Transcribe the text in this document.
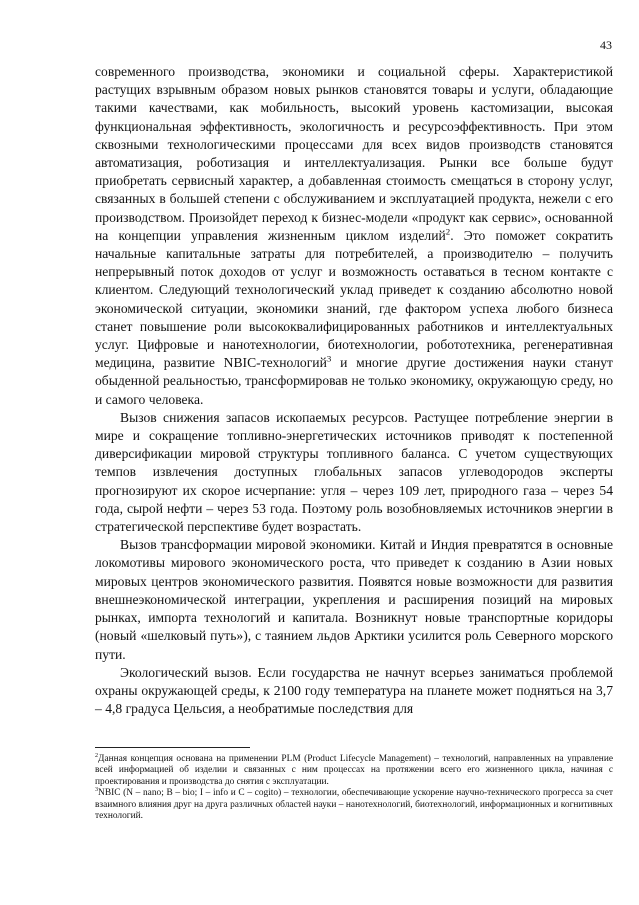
43

современного производства, экономики и социальной сферы. Характеристикой растущих взрывным образом новых рынков становятся товары и услуги, обладающие такими качествами, как мобильность, высокий уровень кастомизации, высокая функциональная эффективность, экологичность и ресурсоэффективность. При этом сквозными технологическими процессами для всех видов производств становятся автоматизация, роботизация и интеллектуализация. Рынки все больше будут приобретать сервисный характер, а добавленная стоимость смещаться в сторону услуг, связанных в большей степени с обслуживанием и эксплуатацией продукта, нежели с его производством. Произойдет переход к бизнес-модели «продукт как сервис», основанной на концепции управления жизненным циклом изделий$^2$. Это поможет сократить начальные капитальные затраты для потребителей, а производителю – получить непрерывный поток доходов от услуг и возможность оставаться в тесном контакте с клиентом. Следующий технологический уклад приведет к созданию абсолютно новой экономической ситуации, экономики знаний, где фактором успеха любого бизнеса станет повышение роли высококвалифицированных работников и интеллектуальных услуг. Цифровые и нанотехнологии, биотехнологии, робототехника, регенеративная медицина, развитие NBIC-технологий$^3$ и многие другие достижения науки станут обыденной реальностью, трансформировав не только экономику, окружающую среду, но и самого человека.

Вызов снижения запасов ископаемых ресурсов. Растущее потребление энергии в мире и сокращение топливно-энергетических источников приводят к постепенной диверсификации мировой структуры топливного баланса. С учетом существующих темпов извлечения доступных глобальных запасов углеводородов эксперты прогнозируют их скорое исчерпание: угля – через 109 лет, природного газа – через 54 года, сырой нефти – через 53 года. Поэтому роль возобновляемых источников энергии в стратегической перспективе будет возрастать.

Вызов трансформации мировой экономики. Китай и Индия превратятся в основные локомотивы мирового экономического роста, что приведет к созданию в Азии новых мировых центров экономического развития. Появятся новые возможности для развития внешнеэкономической интеграции, укрепления и расширения позиций на мировых рынках, импорта технологий и капитала. Возникнут новые транспортные коридоры (новый «шелковый путь»), с таянием льдов Арктики усилится роль Северного морского пути.

Экологический вызов. Если государства не начнут всерьез заниматься проблемой охраны окружающей среды, к 2100 году температура на планете может подняться на 3,7 – 4,8 градуса Цельсия, а необратимые последствия для

$^2$Данная концепция основана на применении PLM (Product Lifecycle Management) – технологий, направленных на управление всей информацией об изделии и связанных с ним процессах на протяжении всего его жизненного цикла, начиная с проектирования и производства до снятия с эксплуатации.

$^3$NBIC (N – nano; B – bio; I – info и C – cogito) – технологии, обеспечивающие ускорение научно-технического прогресса за счет взаимного влияния друг на друга различных областей науки – нанотехнологий, биотехнологий, информационных и когнитивных технологий.
